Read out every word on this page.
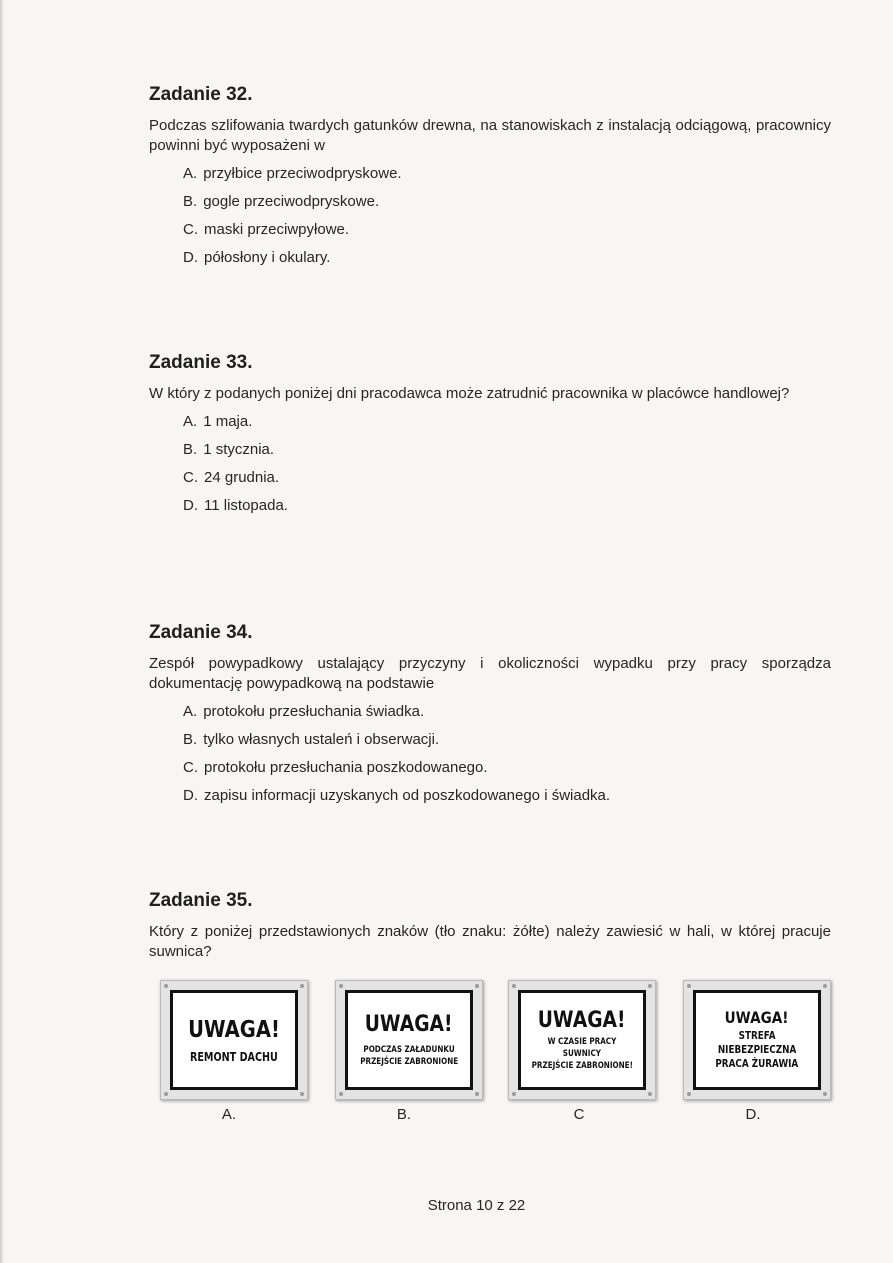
Zadanie 32.

Podczas szlifowania twardych gatunków drewna, na stanowiskach z instalacją odciągową, pracownicy powinni być wyposażeni w

A. przyłbice przeciwodpryskowe.
B. gogle przeciwodpryskowe.
C. maski przeciwpyłowe.
D. półosłony i okulary.
Zadanie 33.

W który z podanych poniżej dni pracodawca może zatrudnić pracownika w placówce handlowej?

A. 1 maja.
B. 1 stycznia.
C. 24 grudnia.
D. 11 listopada.
Zadanie 34.

Zespół powypadkowy ustalający przyczyny i okoliczności wypadku przy pracy sporządza dokumentację powypadkową na podstawie

A. protokołu przesłuchania świadka.
B. tylko własnych ustaleń i obserwacji.
C. protokołu przesłuchania poszkodowanego.
D. zapisu informacji uzyskanych od poszkodowanego i świadka.
Zadanie 35.

Który z poniżej przedstawionych znaków (tło znaku: żółte) należy zawiesić w hali, w której pracuje suwnica?

UWAGA!
REMONT DACHU
UWAGA!
PODCZAS ZAŁADUNKU
PRZEJŚCIE ZABRONIONE
UWAGA!
W CZASIE PRACY
SUWNICY
PRZEJŚCIE ZABRONIONE!
UWAGA!
STREFA
NIEBEZPIECZNA
PRACA ŻURAWIA
A.	B.	C	D.
Strona 10 z 22
